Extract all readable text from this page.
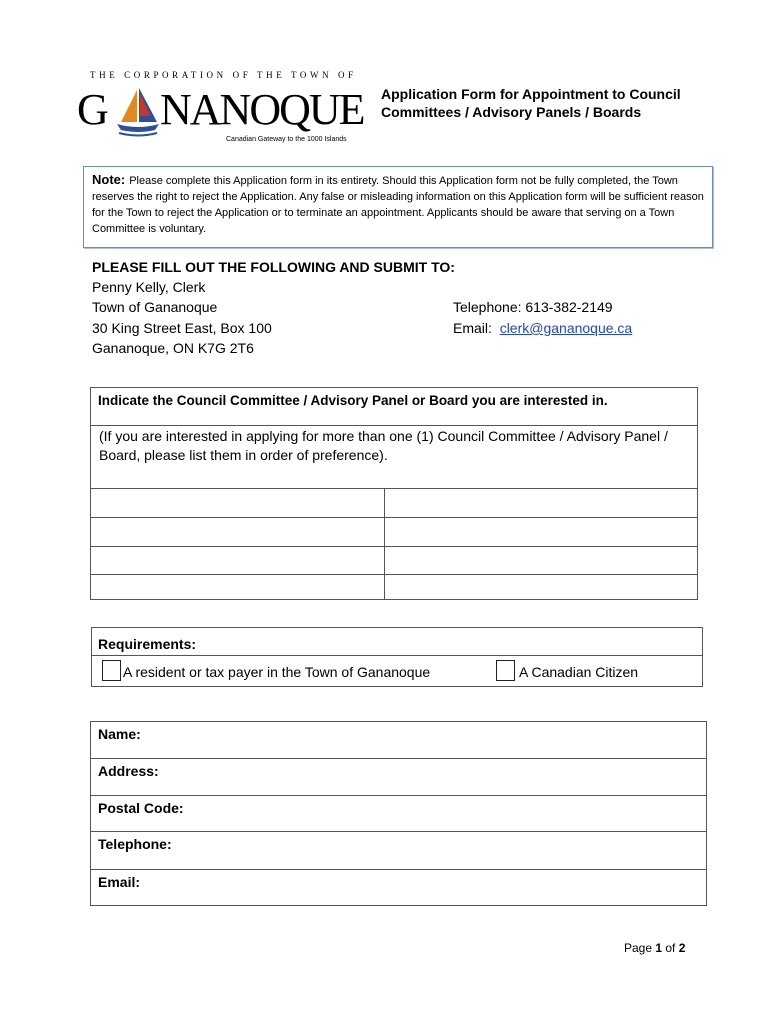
THE CORPORATION OF THE TOWN OF
G NANOQUE
Canadian Gateway to the 1000 Islands
Application Form for Appointment to Council
Committees / Advisory Panels / Boards
Note: Please complete this Application form in its entirety. Should this Application form not be fully completed, the Town reserves the right to reject the Application. Any false or misleading information on this Application form will be sufficient reason for the Town to reject the Application or to terminate an appointment. Applicants should be aware that serving on a Town Committee is voluntary.
PLEASE FILL OUT THE FOLLOWING AND SUBMIT TO:
Penny Kelly, Clerk
Town of Gananoque
30 King Street East, Box 100
Gananoque, ON K7G 2T6
Telephone: 613-382-2149
Email: clerk@gananoque.ca
Indicate the Council Committee / Advisory Panel or Board you are interested in.
(If you are interested in applying for more than one (1) Council Committee / Advisory Panel / Board, please list them in order of preference).
Requirements:
A resident or tax payer in the Town of Gananoque	A Canadian Citizen
Name:
Address:
Postal Code:
Telephone:
Email:
Page 1 of 2
